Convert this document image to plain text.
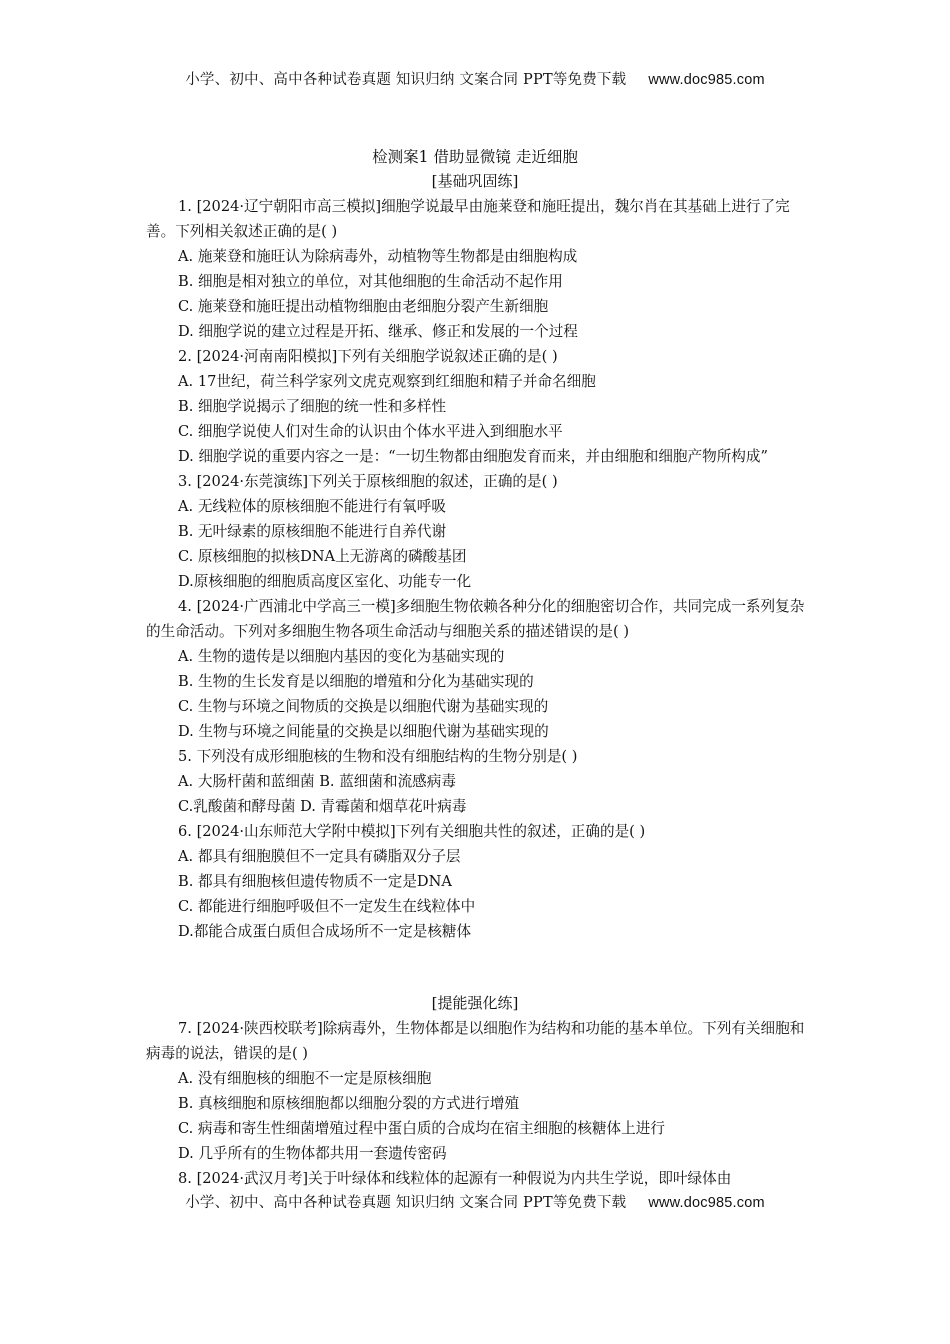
小学、初中、高中各种试卷真题 知识归纳 文案合同 PPT等免费下载 www.doc985.com
检测案1 借助显微镜 走近细胞
[基础巩固练]

1. [2024·辽宁朝阳市高三模拟]细胞学说最早由施莱登和施旺提出，魏尔肖在其基础上进行了完善。下列相关叙述正确的是( )

A. 施莱登和施旺认为除病毒外，动植物等生物都是由细胞构成

B. 细胞是相对独立的单位，对其他细胞的生命活动不起作用

C. 施莱登和施旺提出动植物细胞由老细胞分裂产生新细胞

D. 细胞学说的建立过程是开拓、继承、修正和发展的一个过程

2. [2024·河南南阳模拟]下列有关细胞学说叙述正确的是( )

A. 17世纪，荷兰科学家列文虎克观察到红细胞和精子并命名细胞

B. 细胞学说揭示了细胞的统一性和多样性

C. 细胞学说使人们对生命的认识由个体水平进入到细胞水平

D. 细胞学说的重要内容之一是：“一切生物都由细胞发育而来，并由细胞和细胞产物所构成”

3. [2024·东莞演练]下列关于原核细胞的叙述，正确的是( )

A. 无线粒体的原核细胞不能进行有氧呼吸

B. 无叶绿素的原核细胞不能进行自养代谢

C. 原核细胞的拟核DNA上无游离的磷酸基团

D.原核细胞的细胞质高度区室化、功能专一化

4. [2024·广西浦北中学高三一模]多细胞生物依赖各种分化的细胞密切合作，共同完成一系列复杂的生命活动。下列对多细胞生物各项生命活动与细胞关系的描述错误的是( )

A. 生物的遗传是以细胞内基因的变化为基础实现的

B. 生物的生长发育是以细胞的增殖和分化为基础实现的

C. 生物与环境之间物质的交换是以细胞代谢为基础实现的

D. 生物与环境之间能量的交换是以细胞代谢为基础实现的

5. 下列没有成形细胞核的生物和没有细胞结构的生物分别是( )

A. 大肠杆菌和蓝细菌 B. 蓝细菌和流感病毒

C.乳酸菌和酵母菌 D. 青霉菌和烟草花叶病毒

6. [2024·山东师范大学附中模拟]下列有关细胞共性的叙述，正确的是( )

A. 都具有细胞膜但不一定具有磷脂双分子层

B. 都具有细胞核但遗传物质不一定是DNA

C. 都能进行细胞呼吸但不一定发生在线粒体中

D.都能合成蛋白质但合成场所不一定是核糖体

[提能强化练]

7. [2024·陕西校联考]除病毒外，生物体都是以细胞作为结构和功能的基本单位。下列有关细胞和病毒的说法，错误的是( )

A. 没有细胞核的细胞不一定是原核细胞

B. 真核细胞和原核细胞都以细胞分裂的方式进行增殖

C. 病毒和寄生性细菌增殖过程中蛋白质的合成均在宿主细胞的核糖体上进行

D. 几乎所有的生物体都共用一套遗传密码

8. [2024·武汉月考]关于叶绿体和线粒体的起源有一种假说为内共生学说，即叶绿体由

小学、初中、高中各种试卷真题 知识归纳 文案合同 PPT等免费下载 www.doc985.com
